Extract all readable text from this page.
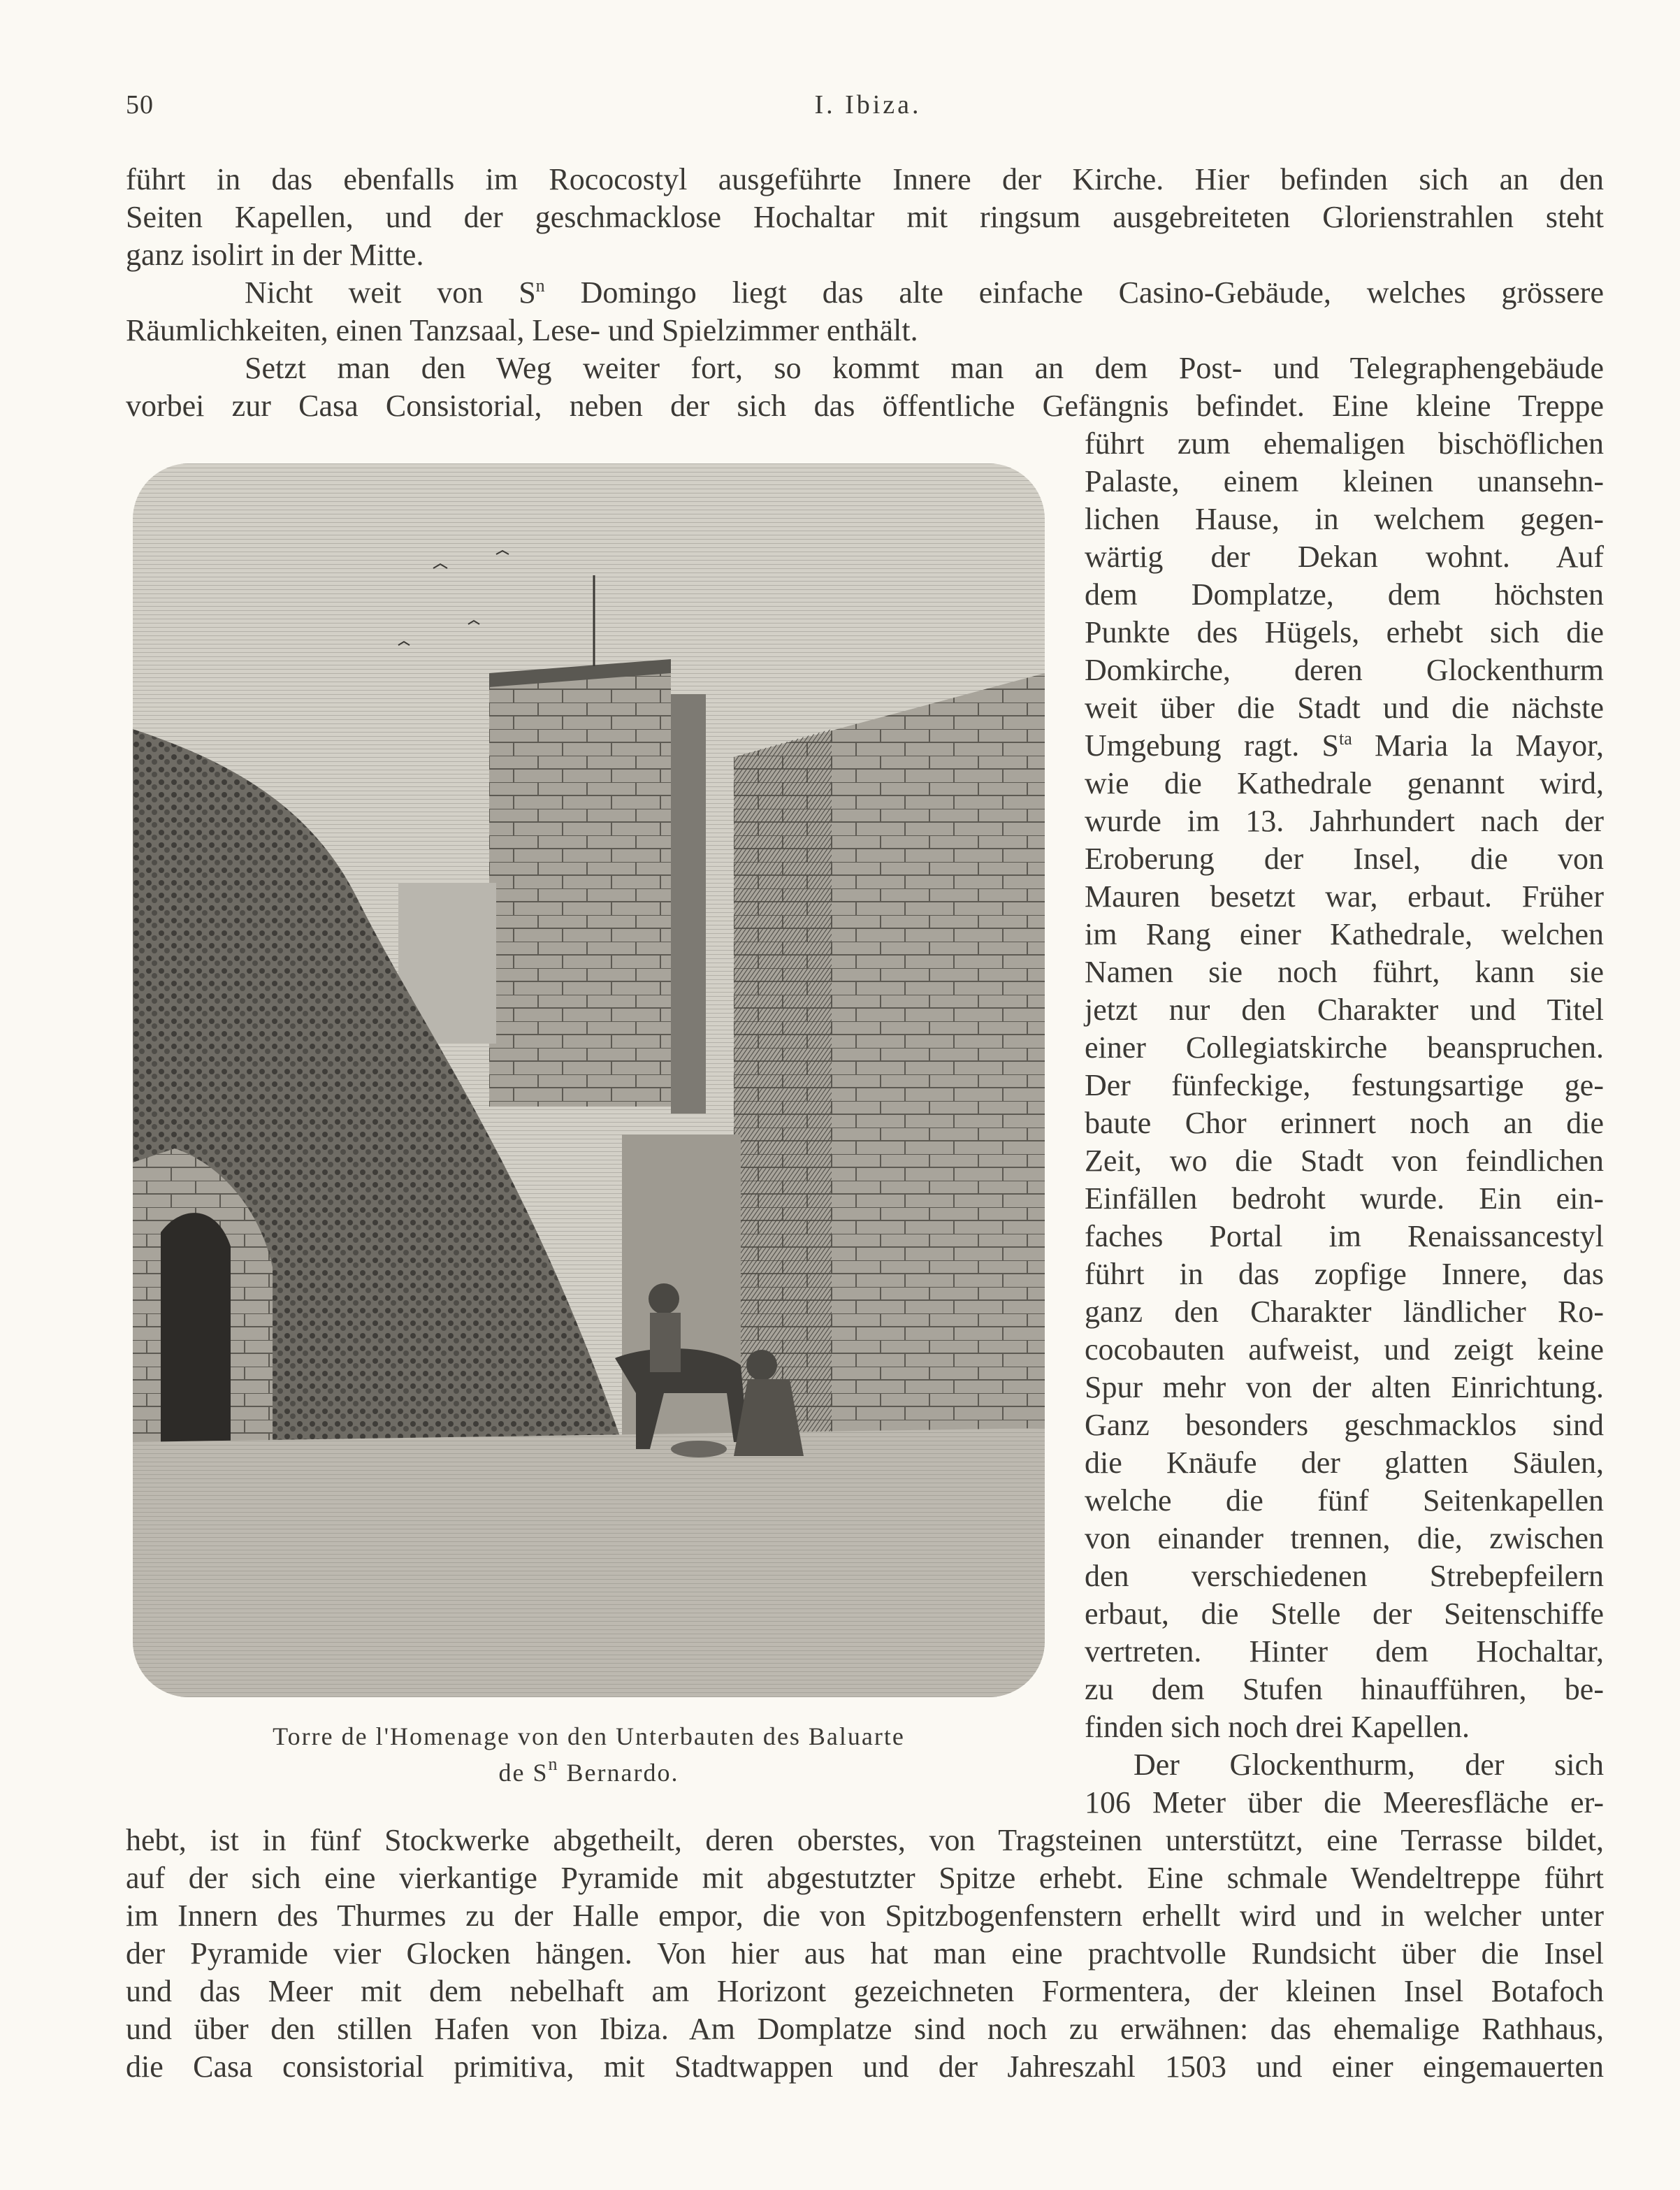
50	I. Ibiza.
führt in das ebenfalls im Rococostyl ausgeführte Innere der Kirche. Hier befinden sich an den
Seiten Kapellen, und der geschmacklose Hochaltar mit ringsum ausgebreiteten Glorienstrahlen steht
ganz isolirt in der Mitte.
Nicht weit von $S^n$ Domingo liegt das alte einfache Casino-Gebäude, welches grössere
Räumlichkeiten, einen Tanzsaal, Lese- und Spielzimmer enthält.
Setzt man den Weg weiter fort, so kommt man an dem Post- und Telegraphengebäude
vorbei zur Casa Consistorial, neben der sich das öffentliche Gefängnis befindet. Eine kleine Treppe
führt zum ehemaligen bischöflichen
Palaste, einem kleinen unansehn-
lichen Hause, in welchem gegen-
wärtig der Dekan wohnt. Auf
dem Domplatze, dem höchsten
Punkte des Hügels, erhebt sich die
Domkirche, deren Glockenthurm
weit über die Stadt und die nächste
Umgebung ragt. $S^{ta}$ Maria la Mayor,
wie die Kathedrale genannt wird,
wurde im 13. Jahrhundert nach der
Eroberung der Insel, die von
Mauren besetzt war, erbaut. Früher
im Rang einer Kathedrale, welchen
Namen sie noch führt, kann sie
jetzt nur den Charakter und Titel
einer Collegiatskirche beanspruchen.
Der fünfeckige, festungsartige ge-
baute Chor erinnert noch an die
Zeit, wo die Stadt von feindlichen
Einfällen bedroht wurde. Ein ein-
faches Portal im Renaissancestyl
führt in das zopfige Innere, das
ganz den Charakter ländlicher Ro-
cocobauten aufweist, und zeigt keine
Spur mehr von der alten Einrichtung.
Ganz besonders geschmacklos sind
die Knäufe der glatten Säulen,
welche die fünf Seitenkapellen
von einander trennen, die, zwischen
den verschiedenen Strebepfeilern
erbaut, die Stelle der Seitenschiffe
vertreten. Hinter dem Hochaltar,
zu dem Stufen hinaufführen, be-
finden sich noch drei Kapellen.
Der Glockenthurm, der sich
106 Meter über die Meeresfläche er-
Torre de l'Homenage von den Unterbauten des Baluarte
de $S^n$ Bernardo.
hebt, ist in fünf Stockwerke abgetheilt, deren oberstes, von Tragsteinen unterstützt, eine Terrasse bildet,
auf der sich eine vierkantige Pyramide mit abgestutzter Spitze erhebt. Eine schmale Wendeltreppe führt
im Innern des Thurmes zu der Halle empor, die von Spitzbogenfenstern erhellt wird und in welcher unter
der Pyramide vier Glocken hängen. Von hier aus hat man eine prachtvolle Rundsicht über die Insel
und das Meer mit dem nebelhaft am Horizont gezeichneten Formentera, der kleinen Insel Botafoch
und über den stillen Hafen von Ibiza. Am Domplatze sind noch zu erwähnen: das ehemalige Rathhaus,
die Casa consistorial primitiva, mit Stadtwappen und der Jahreszahl 1503 und einer eingemauerten
